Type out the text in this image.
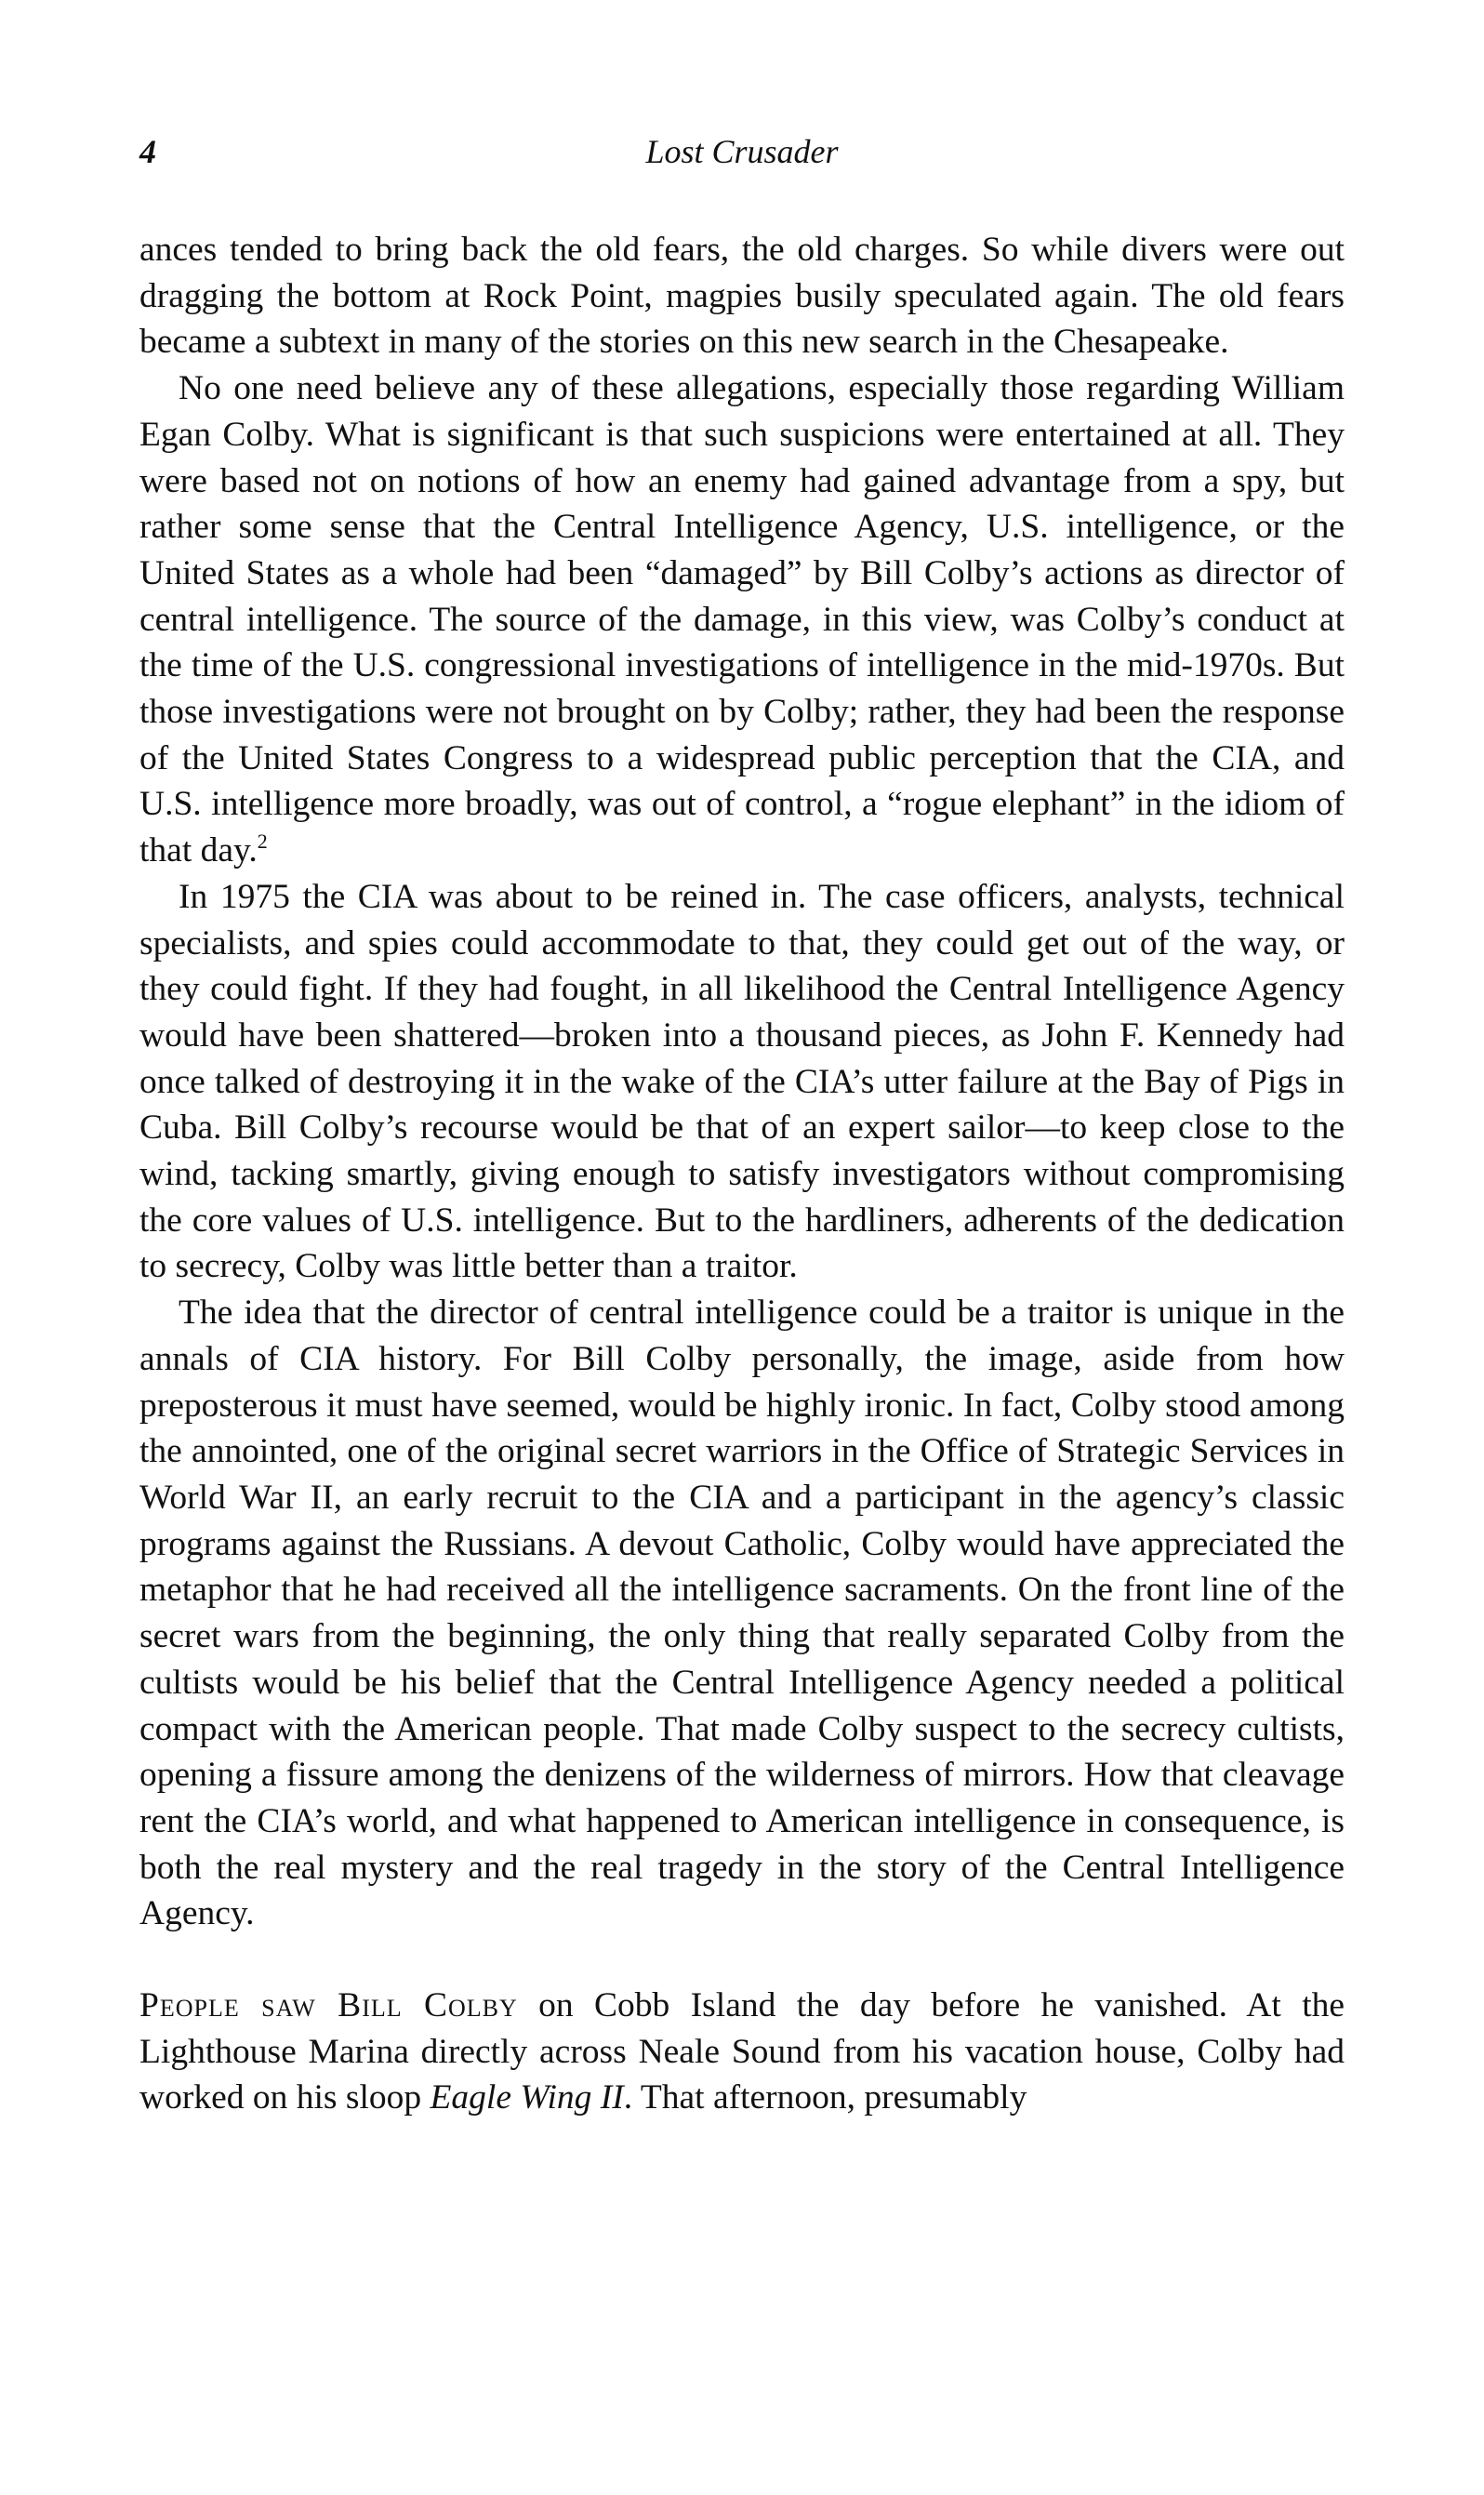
4	Lost Crusader

ances tended to bring back the old fears, the old charges. So while divers were out dragging the bottom at Rock Point, magpies busily speculated again. The old fears became a subtext in many of the stories on this new search in the Chesapeake.

No one need believe any of these allegations, especially those regarding William Egan Colby. What is significant is that such suspicions were entertained at all. They were based not on notions of how an enemy had gained advantage from a spy, but rather some sense that the Central Intelligence Agency, U.S. intelligence, or the United States as a whole had been “damaged” by Bill Colby’s actions as director of central intelligence. The source of the damage, in this view, was Colby’s conduct at the time of the U.S. congressional investigations of intelligence in the mid-1970s. But those investigations were not brought on by Colby; rather, they had been the response of the United States Congress to a widespread public perception that the CIA, and U.S. intelligence more broadly, was out of control, a “rogue elephant” in the idiom of that day.$^2$

In 1975 the CIA was about to be reined in. The case officers, analysts, technical specialists, and spies could accommodate to that, they could get out of the way, or they could fight. If they had fought, in all likelihood the Central Intelligence Agency would have been shattered—broken into a thousand pieces, as John F. Kennedy had once talked of destroying it in the wake of the CIA’s utter failure at the Bay of Pigs in Cuba. Bill Colby’s recourse would be that of an expert sailor—to keep close to the wind, tacking smartly, giving enough to satisfy investigators without compromising the core values of U.S. intelligence. But to the hardliners, adherents of the dedication to secrecy, Colby was little better than a traitor.

The idea that the director of central intelligence could be a traitor is unique in the annals of CIA history. For Bill Colby personally, the image, aside from how preposterous it must have seemed, would be highly ironic. In fact, Colby stood among the annointed, one of the original secret warriors in the Office of Strategic Services in World War II, an early recruit to the CIA and a participant in the agency’s classic programs against the Russians. A devout Catholic, Colby would have appreciated the metaphor that he had received all the intelligence sacraments. On the front line of the secret wars from the beginning, the only thing that really separated Colby from the cultists would be his belief that the Central Intelligence Agency needed a political compact with the American people. That made Colby suspect to the secrecy cultists, opening a fissure among the denizens of the wilderness of mirrors. How that cleavage rent the CIA’s world, and what happened to American intelligence in consequence, is both the real mystery and the real tragedy in the story of the Central Intelligence Agency.

People saw Bill Colby on Cobb Island the day before he vanished. At the Lighthouse Marina directly across Neale Sound from his vacation house, Colby had worked on his sloop Eagle Wing II. That afternoon, presumably
